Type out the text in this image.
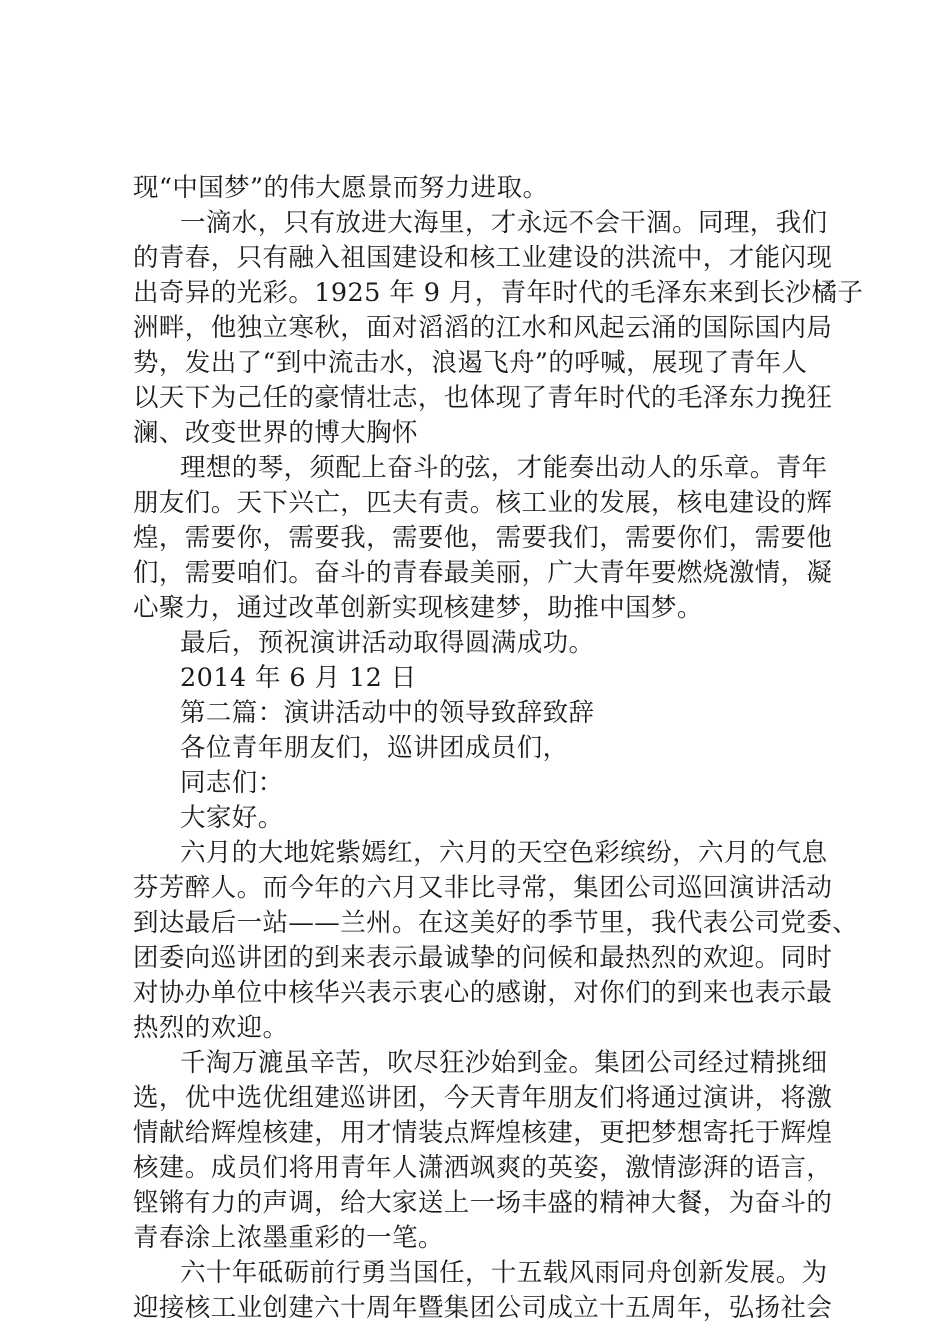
现“中国梦”的伟大愿景而努力进取。
一滴水，只有放进大海里，才永远不会干涸。同理，我们
的青春，只有融入祖国建设和核工业建设的洪流中，才能闪现
出奇异的光彩。1925 年 9 月，青年时代的毛泽东来到长沙橘子
洲畔，他独立寒秋，面对滔滔的江水和风起云涌的国际国内局
势，发出了“到中流击水，浪遏飞舟”的呼喊，展现了青年人
以天下为己任的豪情壮志，也体现了青年时代的毛泽东力挽狂
澜、改变世界的博大胸怀
理想的琴，须配上奋斗的弦，才能奏出动人的乐章。青年
朋友们。天下兴亡，匹夫有责。核工业的发展，核电建设的辉
煌，需要你，需要我，需要他，需要我们，需要你们，需要他
们，需要咱们。奋斗的青春最美丽，广大青年要燃烧激情，凝
心聚力，通过改革创新实现核建梦，助推中国梦。
最后，预祝演讲活动取得圆满成功。
2014 年 6 月 12 日
第二篇：演讲活动中的领导致辞致辞
各位青年朋友们，巡讲团成员们，
同志们：
大家好。
六月的大地姹紫嫣红，六月的天空色彩缤纷，六月的气息
芬芳醉人。而今年的六月又非比寻常，集团公司巡回演讲活动
到达最后一站——兰州。在这美好的季节里，我代表公司党委、
团委向巡讲团的到来表示最诚挚的问候和最热烈的欢迎。同时
对协办单位中核华兴表示衷心的感谢，对你们的到来也表示最
热烈的欢迎。
千淘万漉虽辛苦，吹尽狂沙始到金。集团公司经过精挑细
选，优中选优组建巡讲团，今天青年朋友们将通过演讲，将激
情献给辉煌核建，用才情装点辉煌核建，更把梦想寄托于辉煌
核建。成员们将用青年人潇洒飒爽的英姿，激情澎湃的语言，
铿锵有力的声调，给大家送上一场丰盛的精神大餐，为奋斗的
青春涂上浓墨重彩的一笔。
六十年砥砺前行勇当国任，十五载风雨同舟创新发展。为
迎接核工业创建六十周年暨集团公司成立十五周年，弘扬社会
